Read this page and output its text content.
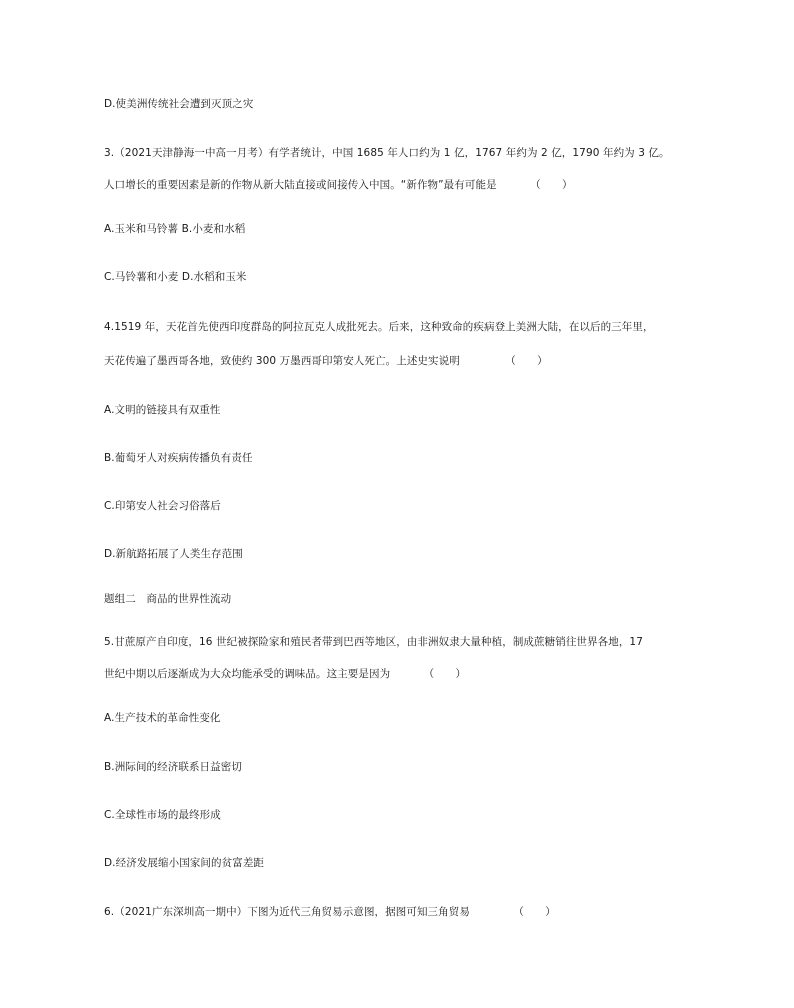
D.使美洲传统社会遭到灭顶之灾
3.（2021天津静海一中高一月考）有学者统计，中国 1685 年人口约为 1 亿，1767 年约为 2 亿，1790 年约为 3 亿。
人口增长的重要因素是新的作物从新大陆直接或间接传入中国。“新作物”最有可能是	（　　）
A.玉米和马铃薯 B.小麦和水稻
C.马铃薯和小麦 D.水稻和玉米
4.1519 年，天花首先使西印度群岛的阿拉瓦克人成批死去。后来，这种致命的疾病登上美洲大陆，在以后的三年里，
天花传遍了墨西哥各地，致使约 300 万墨西哥印第安人死亡。上述史实说明	（　　）
A.文明的链接具有双重性
B.葡萄牙人对疾病传播负有责任
C.印第安人社会习俗落后
D.新航路拓展了人类生存范围
题组二　商品的世界性流动
5.甘蔗原产自印度，16 世纪被探险家和殖民者带到巴西等地区，由非洲奴隶大量种植，制成蔗糖销往世界各地，17
世纪中期以后逐渐成为大众均能承受的调味品。这主要是因为	（　　）
A.生产技术的革命性变化
B.洲际间的经济联系日益密切
C.全球性市场的最终形成
D.经济发展缩小国家间的贫富差距
6.（2021广东深圳高一期中）下图为近代三角贸易示意图，据图可知三角贸易	（　　）
